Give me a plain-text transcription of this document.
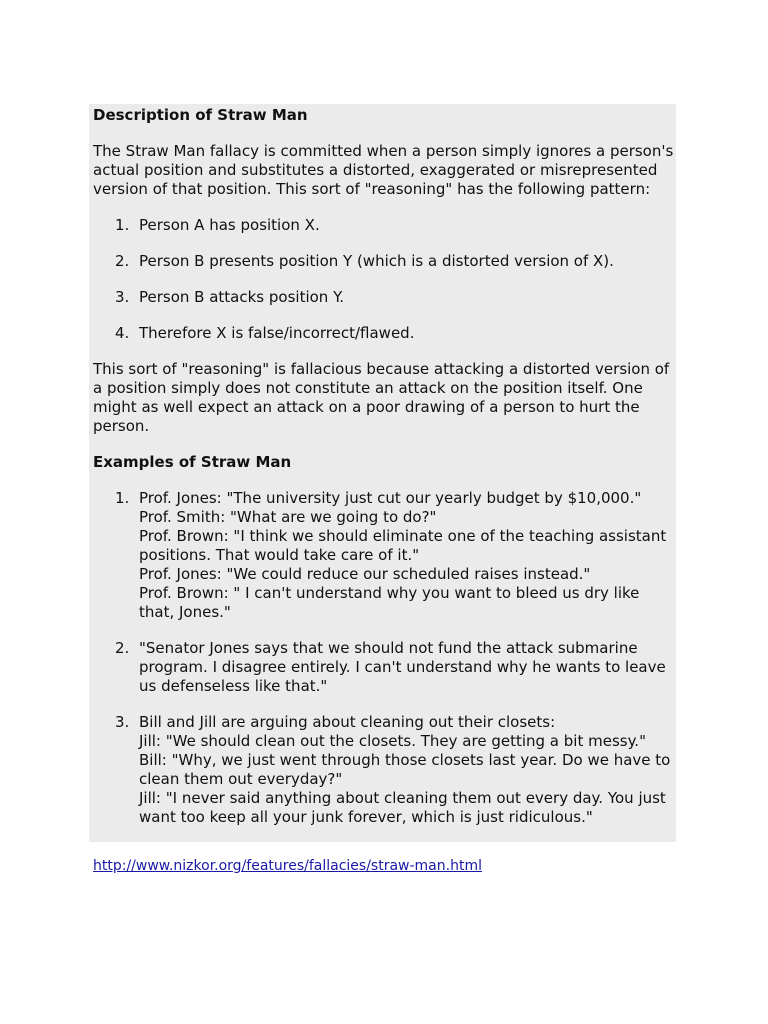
Description of Straw Man

The Straw Man fallacy is committed when a person simply ignores a person's actual position and substitutes a distorted, exaggerated or misrepresented version of that position. This sort of "reasoning" has the following pattern:

1. Person A has position X.
2. Person B presents position Y (which is a distorted version of X).
3. Person B attacks position Y.
4. Therefore X is false/incorrect/flawed.

This sort of "reasoning" is fallacious because attacking a distorted version of a position simply does not constitute an attack on the position itself. One might as well expect an attack on a poor drawing of a person to hurt the person.

Examples of Straw Man
1. Prof. Jones: "The university just cut our yearly budget by $10,000."
Prof. Smith: "What are we going to do?"
Prof. Brown: "I think we should eliminate one of the teaching assistant positions. That would take care of it."
Prof. Jones: "We could reduce our scheduled raises instead."
Prof. Brown: " I can't understand why you want to bleed us dry like that, Jones."
2. "Senator Jones says that we should not fund the attack submarine program. I disagree entirely. I can't understand why he wants to leave us defenseless like that."
3. Bill and Jill are arguing about cleaning out their closets:
Jill: "We should clean out the closets. They are getting a bit messy."
Bill: "Why, we just went through those closets last year. Do we have to clean them out everyday?"
Jill: "I never said anything about cleaning them out every day. You just want too keep all your junk forever, which is just ridiculous."
http://www.nizkor.org/features/fallacies/straw-man.html
